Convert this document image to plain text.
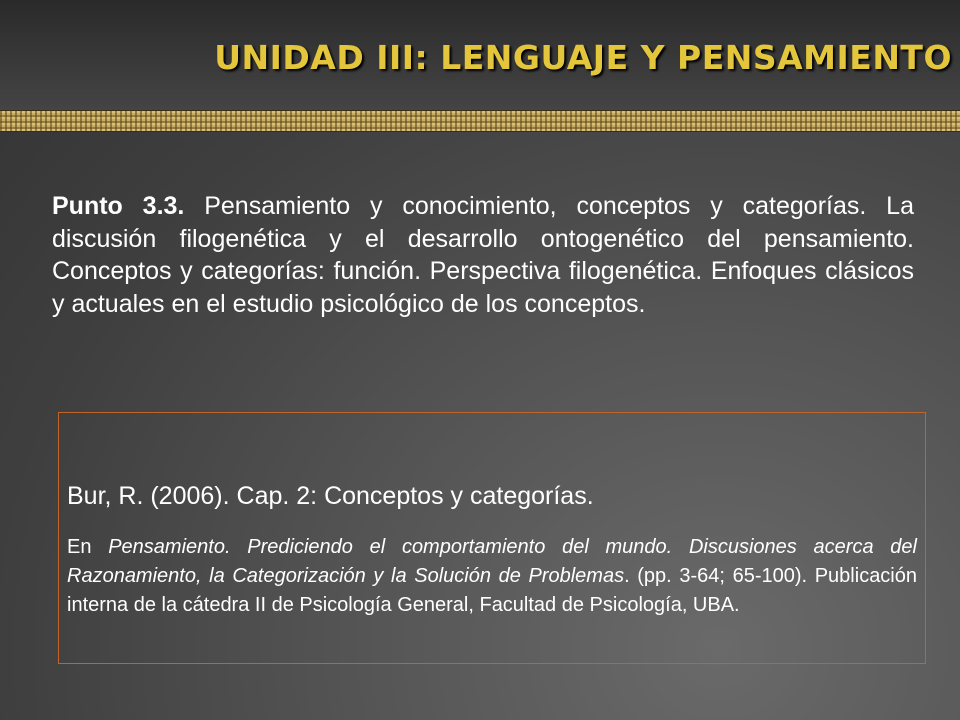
UNIDAD III: LENGUAJE Y PENSAMIENTO

Punto 3.3. Pensamiento y conocimiento, conceptos y categorías. La discusión filogenética y el desarrollo ontogenético del pensamiento. Conceptos y categorías: función. Perspectiva filogenética. Enfoques clásicos y actuales en el estudio psicológico de los conceptos.

Bur, R. (2006). Cap. 2: Conceptos y categorías.

En Pensamiento. Prediciendo el comportamiento del mundo. Discusiones acerca del Razonamiento, la Categorización y la Solución de Problemas. (pp. 3-64; 65-100). Publicación interna de la cátedra II de Psicología General, Facultad de Psicología, UBA.
